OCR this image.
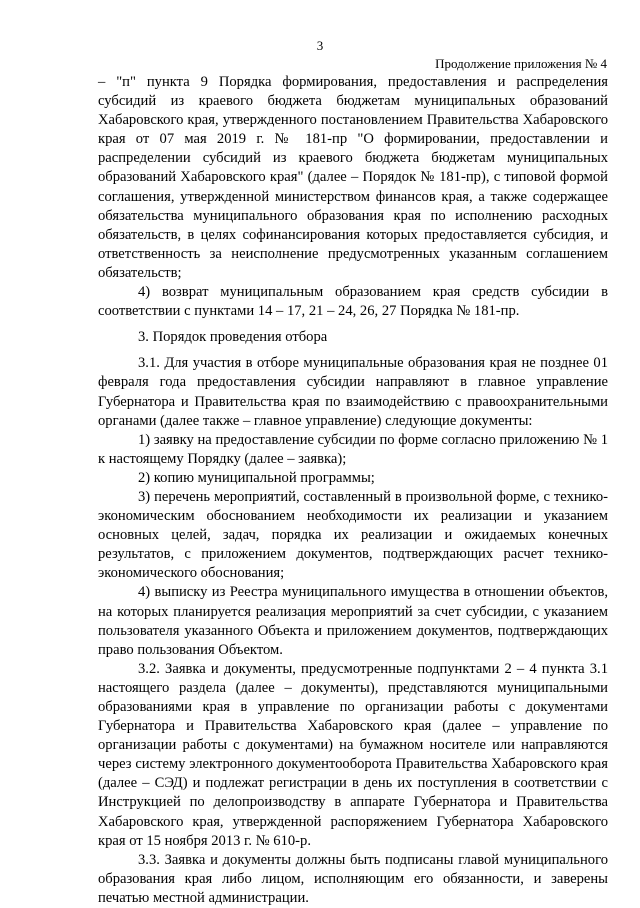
3
Продолжение приложения № 4

– "п" пункта 9 Порядка формирования, предоставления и распределения субсидий из краевого бюджета бюджетам муниципальных образований Хабаровского края, утвержденного постановлением Правительства Хабаровского края от 07 мая 2019 г. № 181-пр "О формировании, предоставлении и распределении субсидий из краевого бюджета бюджетам муниципальных образований Хабаровского края" (далее – Порядок № 181-пр), с типовой формой соглашения, утвержденной министерством финансов края, а также содержащее обязательства муниципального образования края по исполнению расходных обязательств, в целях софинансирования которых предоставляется субсидия, и ответственность за неисполнение предусмотренных указанным соглашением обязательств;

4) возврат муниципальным образованием края средств субсидии в соответствии с пунктами 14 – 17, 21 – 24, 26, 27 Порядка № 181-пр.

3. Порядок проведения отбора

3.1. Для участия в отборе муниципальные образования края не позднее 01 февраля года предоставления субсидии направляют в главное управление Губернатора и Правительства края по взаимодействию с правоохранительными органами (далее также – главное управление) следующие документы:

1) заявку на предоставление субсидии по форме согласно приложению № 1 к настоящему Порядку (далее – заявка);

2) копию муниципальной программы;

3) перечень мероприятий, составленный в произвольной форме, с технико-экономическим обоснованием необходимости их реализации и указанием основных целей, задач, порядка их реализации и ожидаемых конечных результатов, с приложением документов, подтверждающих расчет технико-экономического обоснования;

4) выписку из Реестра муниципального имущества в отношении объектов, на которых планируется реализация мероприятий за счет субсидии, с указанием пользователя указанного Объекта и приложением документов, подтверждающих право пользования Объектом.

3.2. Заявка и документы, предусмотренные подпунктами 2 – 4 пункта 3.1 настоящего раздела (далее – документы), представляются муниципальными образованиями края в управление по организации работы с документами Губернатора и Правительства Хабаровского края (далее – управление по организации работы с документами) на бумажном носителе или направляются через систему электронного документооборота Правительства Хабаровского края (далее – СЭД) и подлежат регистрации в день их поступления в соответствии с Инструкцией по делопроизводству в аппарате Губернатора и Правительства Хабаровского края, утвержденной распоряжением Губернатора Хабаровского края от 15 ноября 2013 г. № 610-р.

3.3. Заявка и документы должны быть подписаны главой муниципального образования края либо лицом, исполняющим его обязанности, и заверены печатью местной администрации.
